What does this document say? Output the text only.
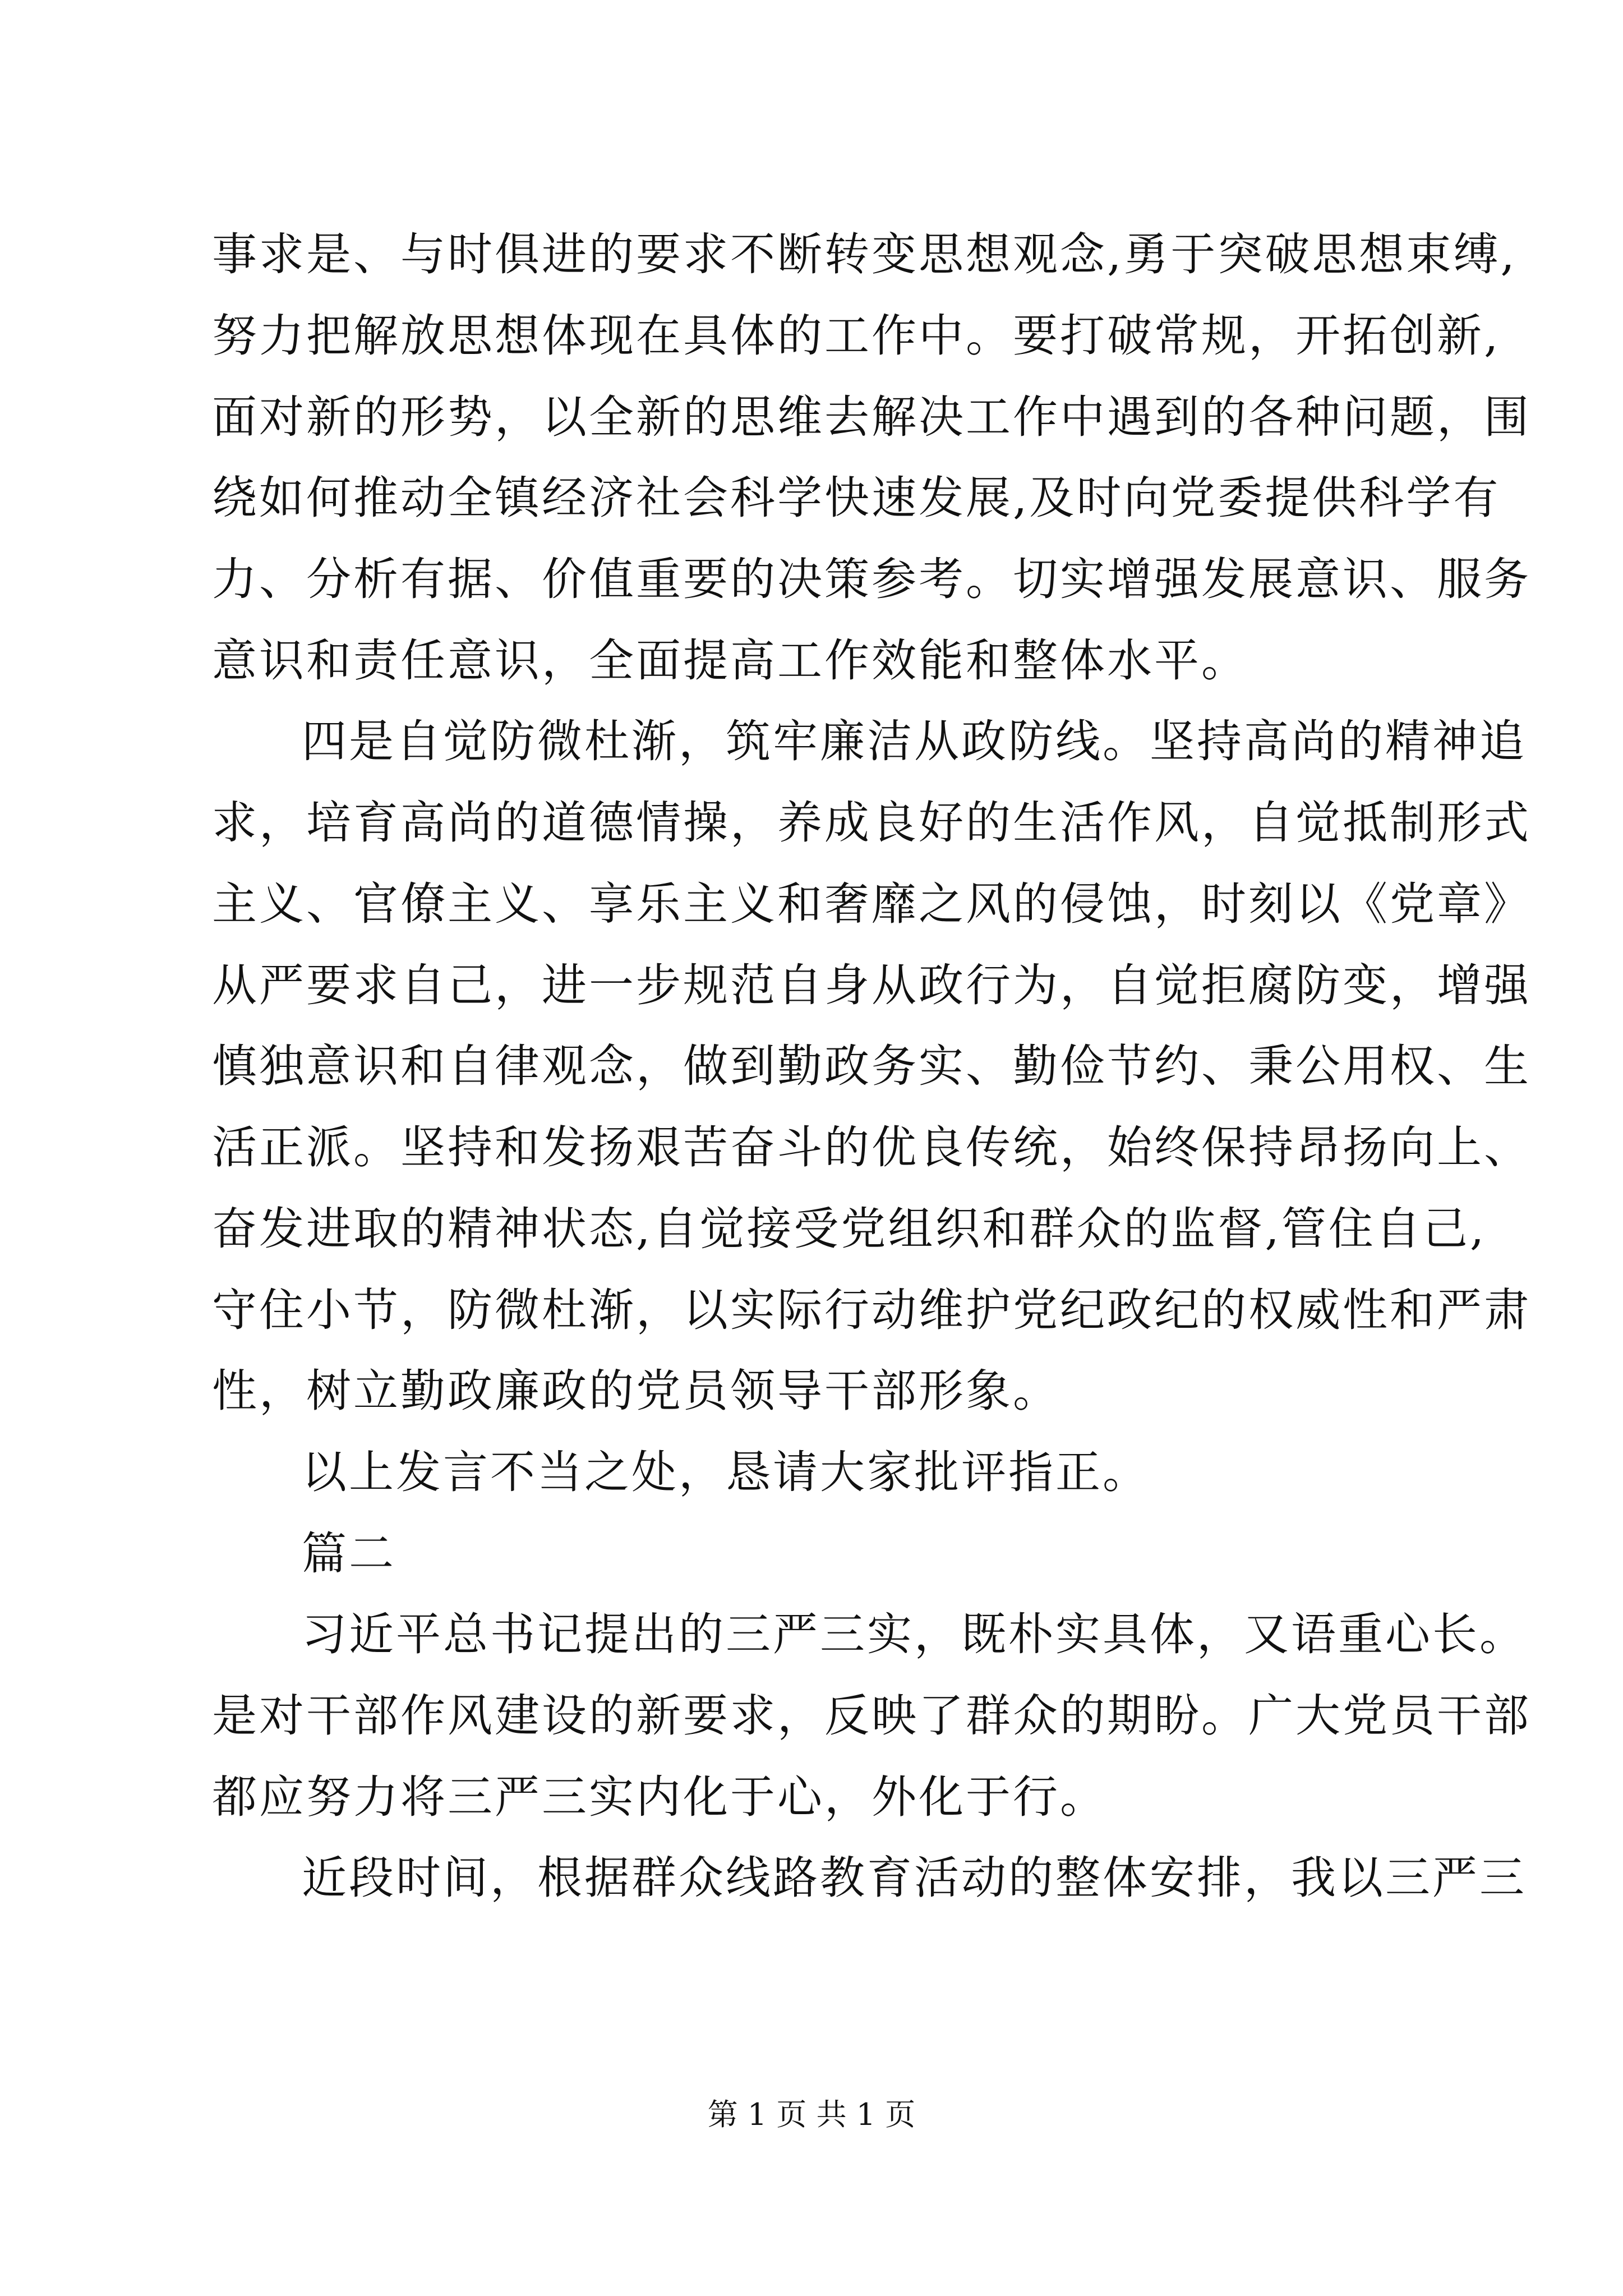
事求是、与时俱进的要求不断转变思想观念,勇于突破思想束缚,
努力把解放思想体现在具体的工作中。要打破常规，开拓创新,
面对新的形势，以全新的思维去解决工作中遇到的各种问题，围
绕如何推动全镇经济社会科学快速发展,及时向党委提供科学有
力、分析有据、价值重要的决策参考。切实增强发展意识、服务
意识和责任意识，全面提高工作效能和整体水平。
四是自觉防微杜渐，筑牢廉洁从政防线。坚持高尚的精神追
求，培育高尚的道德情操，养成良好的生活作风，自觉抵制形式
主义、官僚主义、享乐主义和奢靡之风的侵蚀，时刻以《党章》
从严要求自己，进一步规范自身从政行为，自觉拒腐防变，增强
慎独意识和自律观念，做到勤政务实、勤俭节约、秉公用权、生
活正派。坚持和发扬艰苦奋斗的优良传统，始终保持昂扬向上、
奋发进取的精神状态,自觉接受党组织和群众的监督,管住自己,
守住小节，防微杜渐，以实际行动维护党纪政纪的权威性和严肃
性，树立勤政廉政的党员领导干部形象。
以上发言不当之处，恳请大家批评指正。
篇二
习近平总书记提出的三严三实，既朴实具体，又语重心长。
是对干部作风建设的新要求，反映了群众的期盼。广大党员干部
都应努力将三严三实内化于心，外化于行。
近段时间，根据群众线路教育活动的整体安排，我以三严三
第 1 页 共 1 页
